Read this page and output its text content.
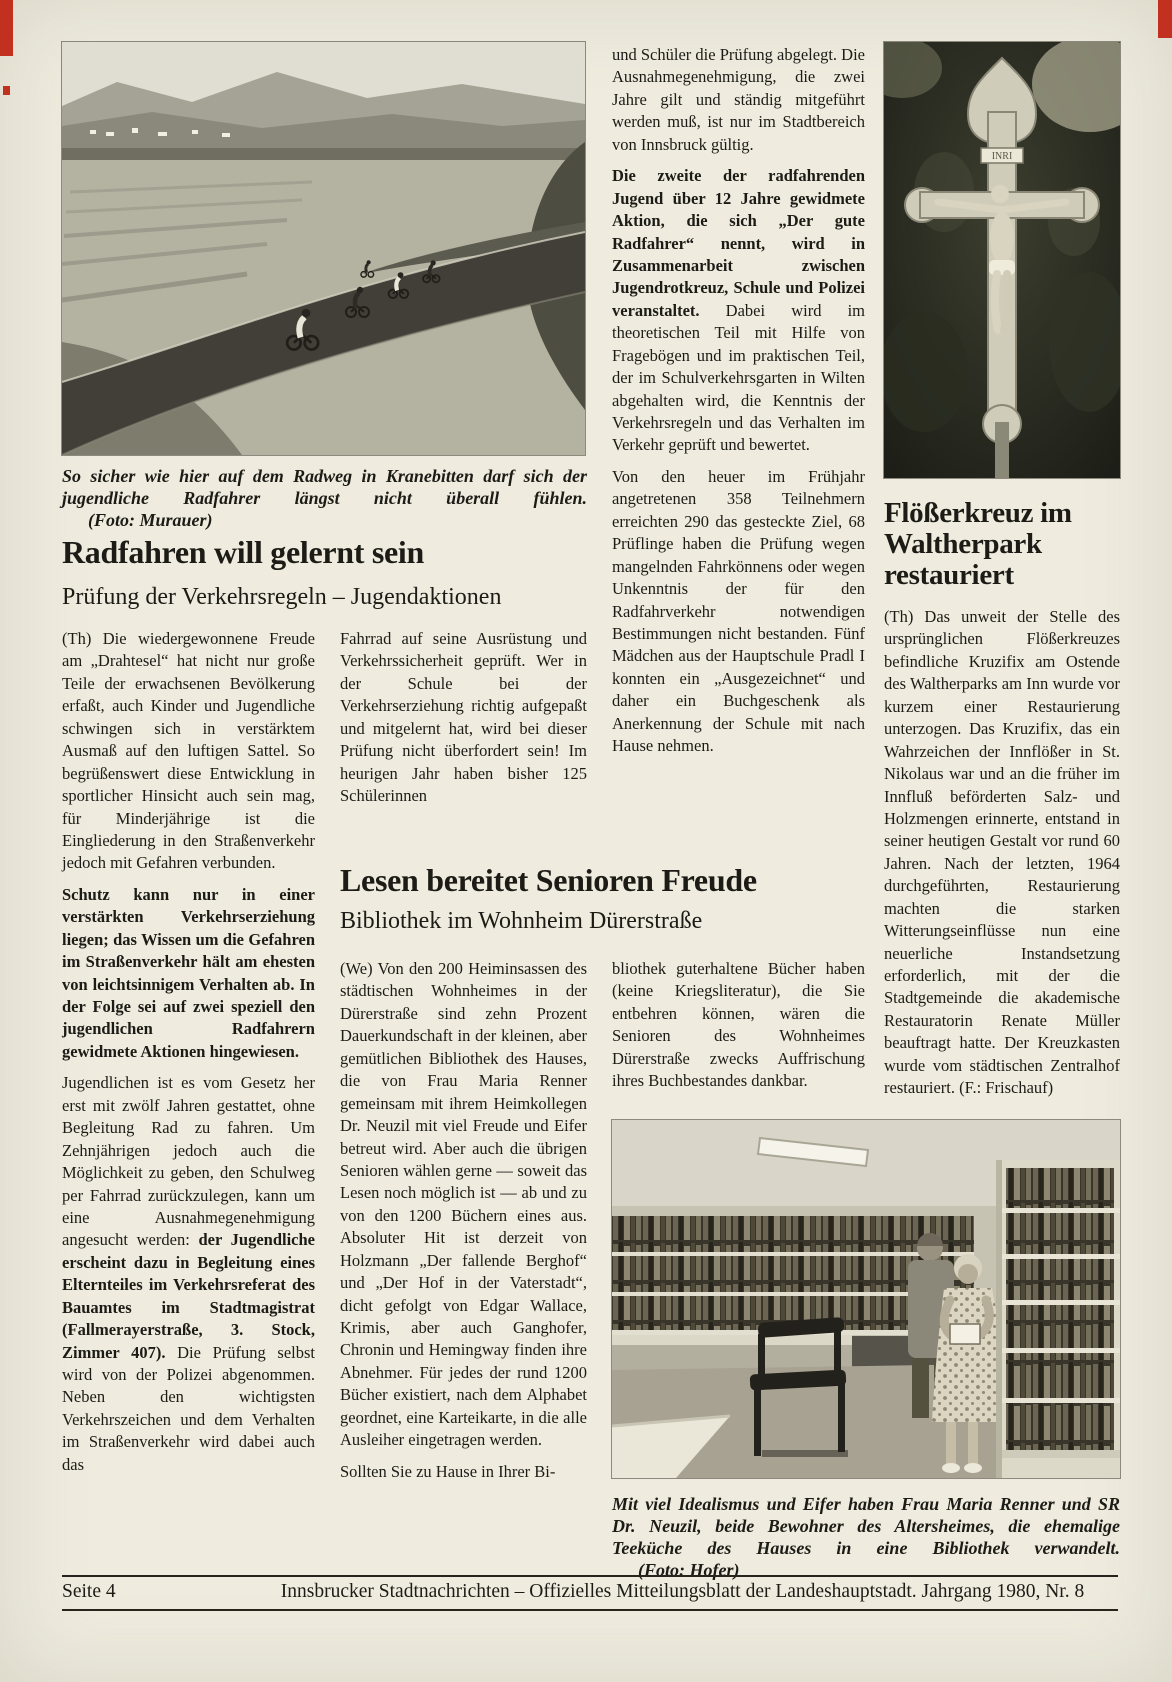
So sicher wie hier auf dem Radweg in Kranebitten darf sich der jugendliche Radfahrer längst nicht überall fühlen. (Foto: Murauer)
Radfahren will gelernt sein
Prüfung der Verkehrsregeln – Jugendaktionen

(Th) Die wiedergewonnene Freude am „Drahtesel“ hat nicht nur große Teile der erwachsenen Bevölkerung erfaßt, auch Kinder und Jugendliche schwingen sich in verstärktem Ausmaß auf den luftigen Sattel. So begrüßenswert diese Entwicklung in sportlicher Hinsicht auch sein mag, für Minderjährige ist die Eingliederung in den Straßenverkehr jedoch mit Gefahren verbunden.

Schutz kann nur in einer verstärkten Verkehrserziehung liegen; das Wissen um die Gefahren im Straßenverkehr hält am ehesten von leichtsinnigem Verhalten ab. In der Folge sei auf zwei speziell den jugendlichen Radfahrern gewidmete Aktionen hingewiesen.

Jugendlichen ist es vom Gesetz her erst mit zwölf Jahren gestattet, ohne Begleitung Rad zu fahren. Um Zehnjährigen jedoch auch die Möglichkeit zu geben, den Schulweg per Fahrrad zurückzulegen, kann um eine Ausnahmegenehmigung angesucht werden: der Jugendliche erscheint dazu in Begleitung eines Elternteiles im Verkehrsreferat des Bauamtes im Stadtmagistrat (Fallmerayerstraße, 3. Stock, Zimmer 407). Die Prüfung selbst wird von der Polizei abgenommen. Neben den wichtigsten Verkehrszeichen und dem Verhalten im Straßenverkehr wird dabei auch das

Fahrrad auf seine Ausrüstung und Verkehrssicherheit geprüft. Wer in der Schule bei der Verkehrserziehung richtig aufgepaßt und mitgelernt hat, wird bei dieser Prüfung nicht überfordert sein! Im heurigen Jahr haben bisher 125 Schülerinnen

und Schüler die Prüfung abgelegt. Die Ausnahmegenehmigung, die zwei Jahre gilt und ständig mitgeführt werden muß, ist nur im Stadtbereich von Innsbruck gültig.

Die zweite der radfahrenden Jugend über 12 Jahre gewidmete Aktion, die sich „Der gute Radfahrer“ nennt, wird in Zusammenarbeit zwischen Jugendrotkreuz, Schule und Polizei veranstaltet. Dabei wird im theoretischen Teil mit Hilfe von Fragebögen und im praktischen Teil, der im Schulverkehrsgarten in Wilten abgehalten wird, die Kenntnis der Verkehrsregeln und das Verhalten im Verkehr geprüft und bewertet.

Von den heuer im Frühjahr angetretenen 358 Teilnehmern erreichten 290 das gesteckte Ziel, 68 Prüflinge haben die Prüfung wegen mangelnden Fahrkönnens oder wegen Unkenntnis der für den Radfahrverkehr notwendigen Bestimmungen nicht bestanden. Fünf Mädchen aus der Hauptschule Pradl I konnten ein „Ausgezeichnet“ und daher ein Buchgeschenk als Anerkennung der Schule mit nach Hause nehmen.

INRI
Flößerkreuz im Waltherpark restauriert

(Th) Das unweit der Stelle des ursprünglichen Flößerkreuzes befindliche Kruzifix am Ostende des Waltherparks am Inn wurde vor kurzem einer Restaurierung unterzogen. Das Kruzifix, das ein Wahrzeichen der Innflößer in St. Nikolaus war und an die früher im Innfluß beförderten Salz- und Holzmengen erinnerte, entstand in seiner heutigen Gestalt vor rund 60 Jahren. Nach der letzten, 1964 durchgeführten, Restaurierung machten die starken Witterungseinflüsse nun eine neuerliche Instandsetzung erforderlich, mit der die Stadtgemeinde die akademische Restauratorin Renate Müller beauftragt hatte. Der Kreuzkasten wurde vom städtischen Zentralhof restauriert. (F.: Frischauf)

Lesen bereitet Senioren Freude
Bibliothek im Wohnheim Dürerstraße

(We) Von den 200 Heiminsassen des städtischen Wohnheimes in der Dürerstraße sind zehn Prozent Dauerkundschaft in der kleinen, aber gemütlichen Bibliothek des Hauses, die von Frau Maria Renner gemeinsam mit ihrem Heimkollegen Dr. Neuzil mit viel Freude und Eifer betreut wird. Aber auch die übrigen Senioren wählen gerne — soweit das Lesen noch möglich ist — ab und zu von den 1200 Büchern eines aus. Absoluter Hit ist derzeit von Holzmann „Der fallende Berghof“ und „Der Hof in der Vaterstadt“, dicht gefolgt von Edgar Wallace, Krimis, aber auch Ganghofer, Chronin und Hemingway finden ihre Abnehmer. Für jedes der rund 1200 Bücher existiert, nach dem Alphabet geordnet, eine Karteikarte, in die alle Ausleiher eingetragen werden.

Sollten Sie zu Hause in Ihrer Bi-

bliothek guterhaltene Bücher haben (keine Kriegsliteratur), die Sie entbehren können, wären die Senioren des Wohnheimes Dürerstraße zwecks Auffrischung ihres Buchbestandes dankbar.

Mit viel Idealismus und Eifer haben Frau Maria Renner und SR Dr. Neuzil, beide Bewohner des Altersheimes, die ehemalige Teeküche des Hauses in eine Bibliothek verwandelt. (Foto: Hofer)
Seite 4	Innsbrucker Stadtnachrichten – Offizielles Mitteilungsblatt der Landeshauptstadt. Jahrgang 1980, Nr. 8
